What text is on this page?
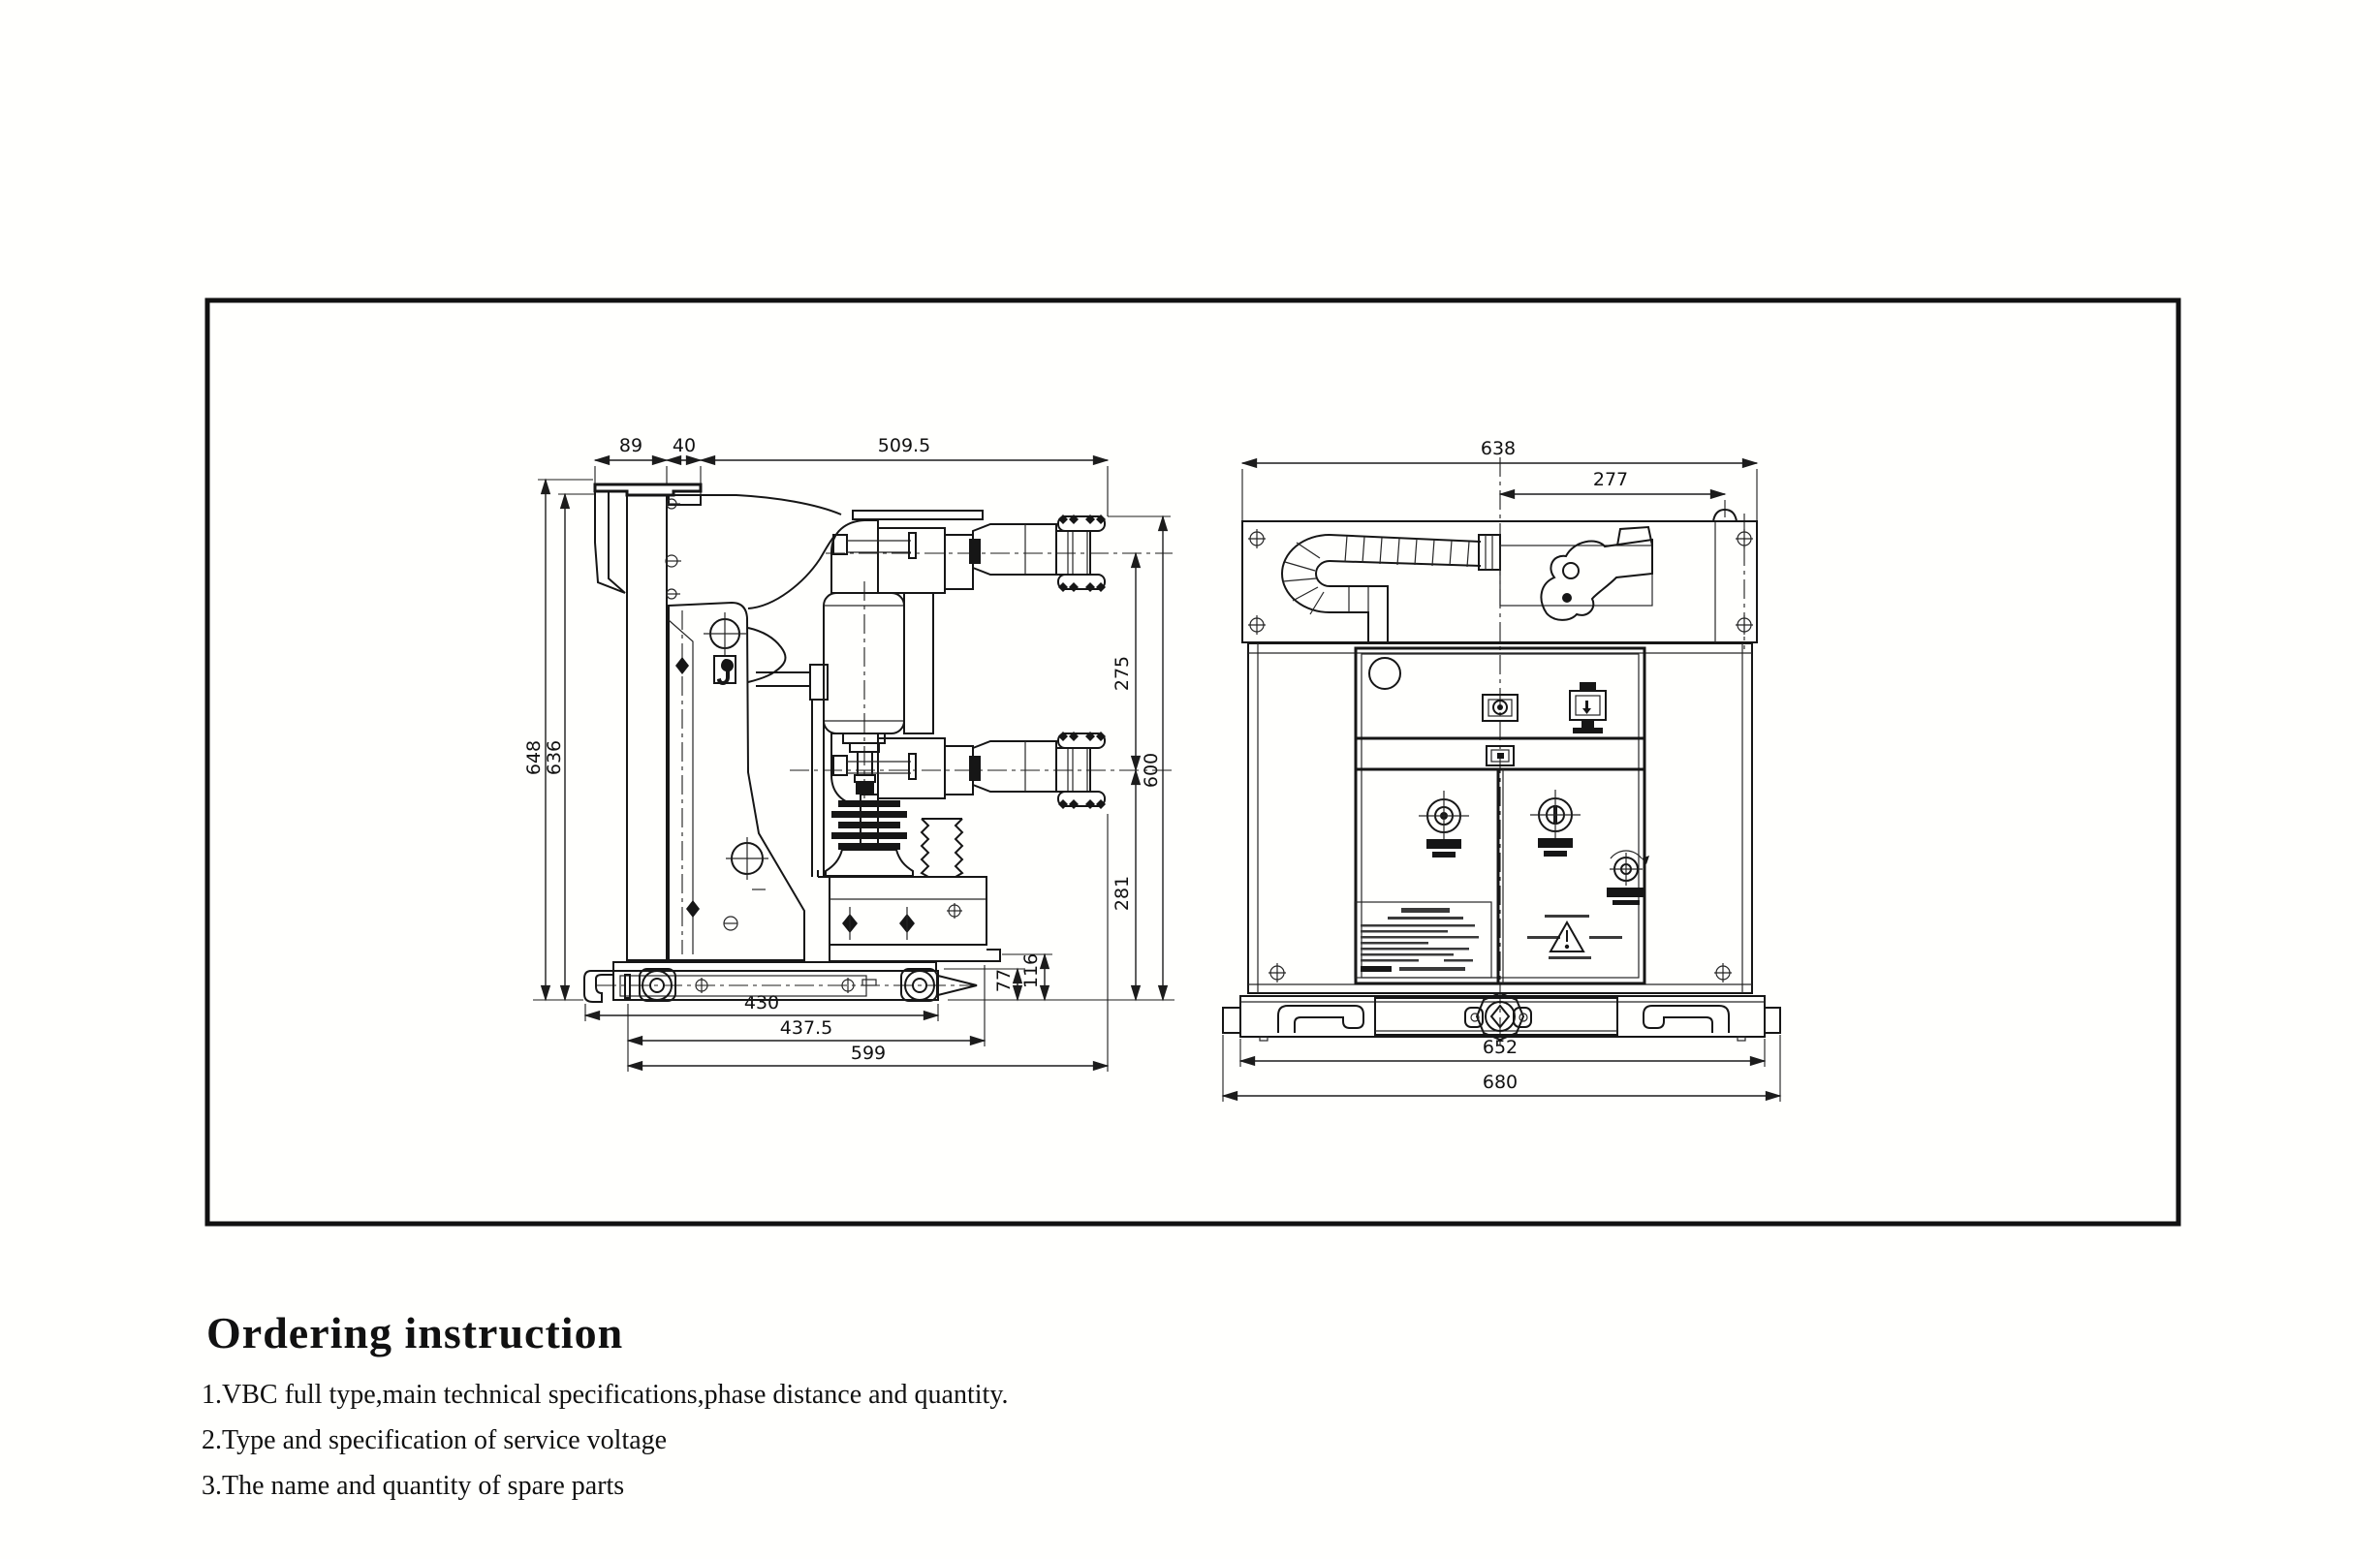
89 40	509.5
648 636
275
281
600
116
77
430
437.5
599
638
277
652
680
Ordering instruction
1.VBC full type,main technical specifications,phase distance and quantity.
2.Type and specification of service voltage
3.The name and quantity of spare parts
